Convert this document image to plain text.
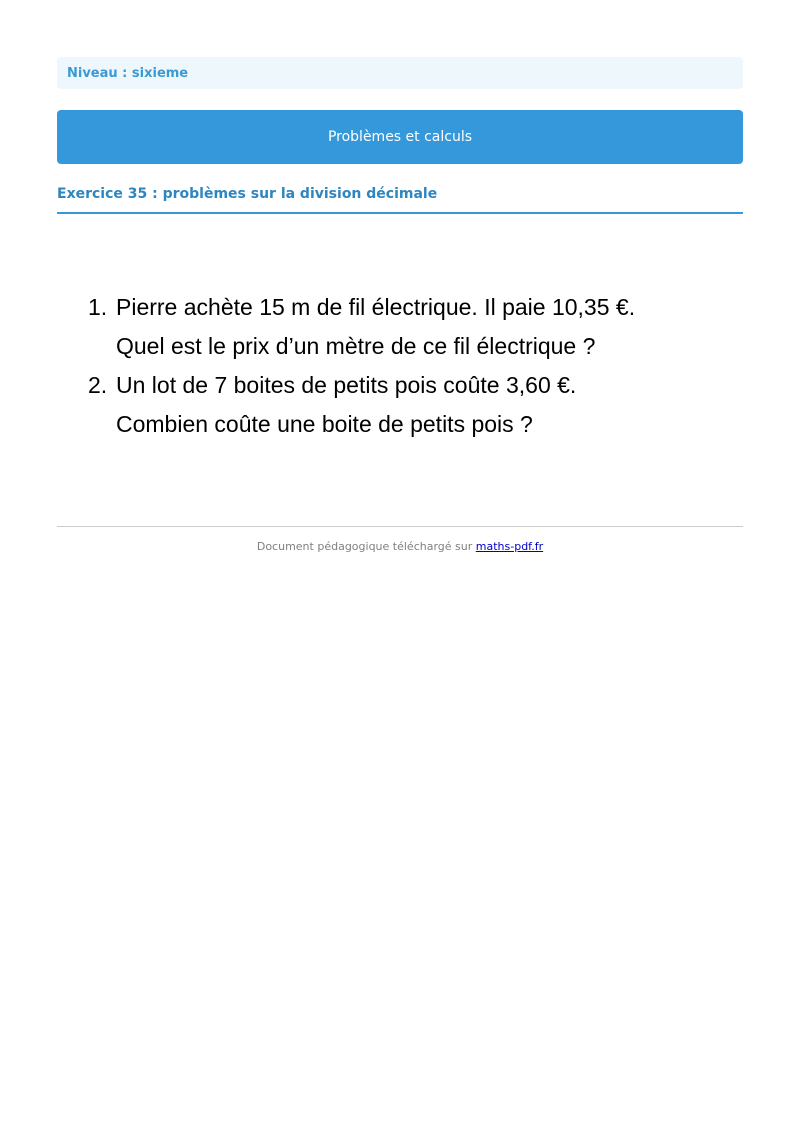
Niveau : sixieme
Problèmes et calculs
Exercice 35 : problèmes sur la division décimale
1. Pierre achète 15 m de fil électrique. Il paie 10,35 €.
Quel est le prix d’un mètre de ce fil électrique ?
2. Un lot de 7 boites de petits pois coûte 3,60 €.
Combien coûte une boite de petits pois ?
Document pédagogique téléchargé sur maths-pdf.fr
